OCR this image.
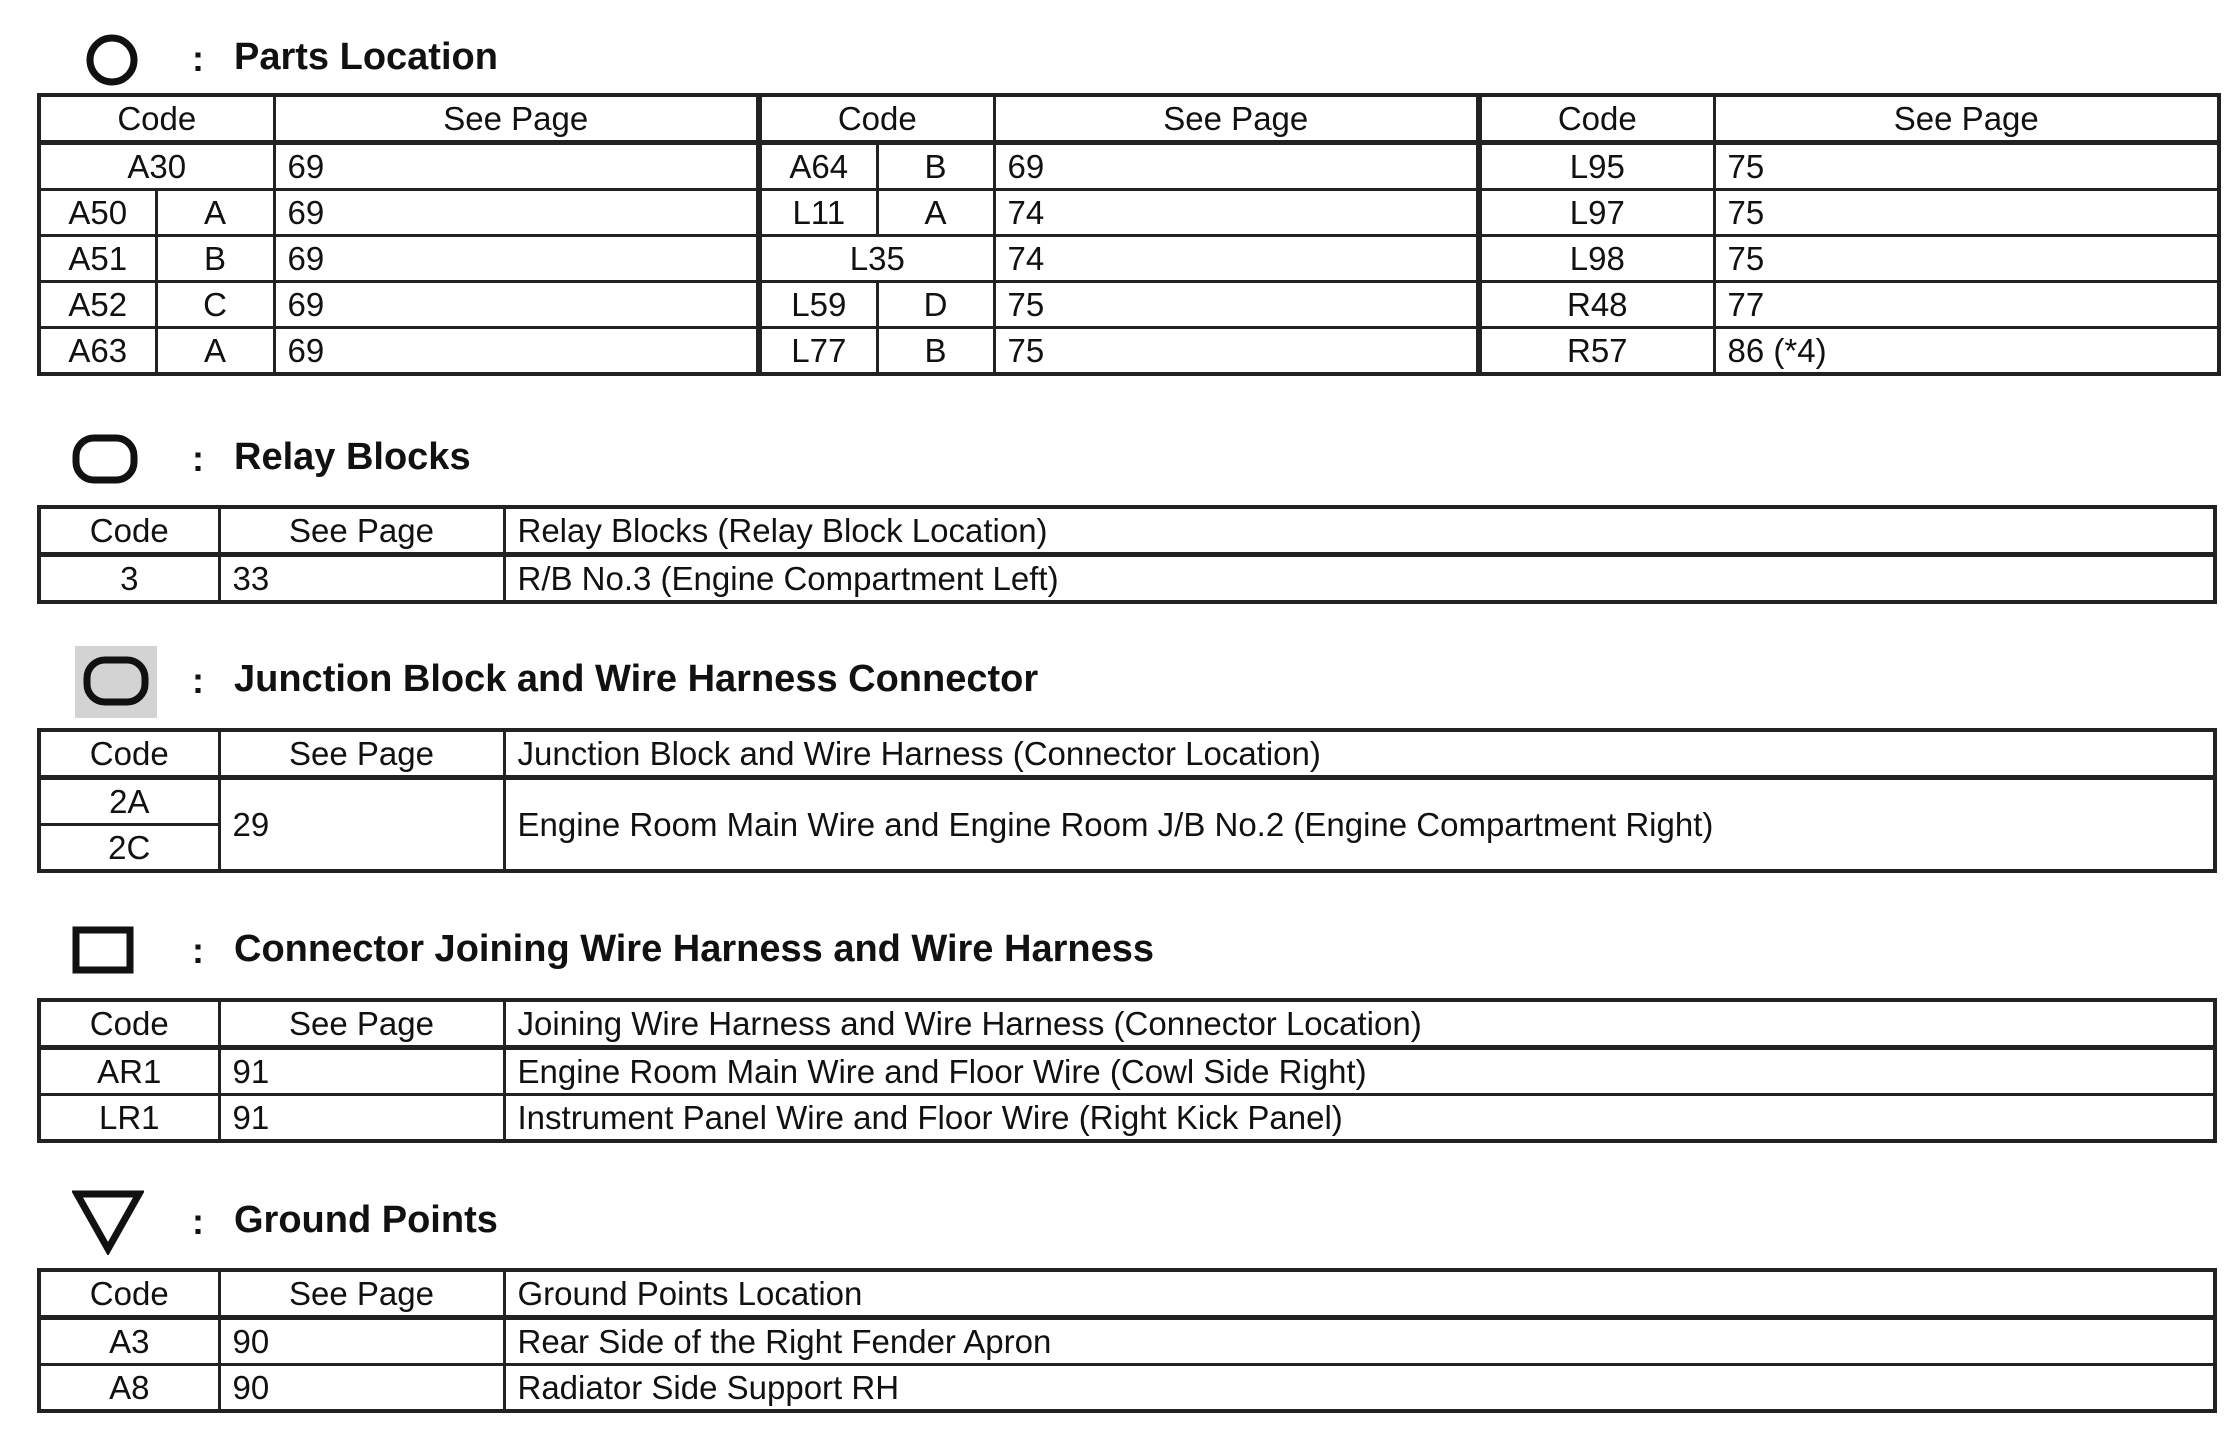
: Parts Location
Code		See Page	Code		See Page	Code	See Page
A30		69	A64	B	69	L95	75
A50	A	69	L11	A	74	L97	75
A51	B	69	L35		74	L98	75
A52	C	69	L59	D	75	R48	77
A63	A	69	L77	B	75	R57	86 (*4)
: Relay Blocks
Code	See Page	Relay Blocks (Relay Block Location)
3	33	R/B No.3 (Engine Compartment Left)
: Junction Block and Wire Harness Connector
Code	See Page	Junction Block and Wire Harness (Connector Location)
2A	29	Engine Room Main Wire and Engine Room J/B No.2 (Engine Compartment Right)
2C		
: Connector Joining Wire Harness and Wire Harness
Code	See Page	Joining Wire Harness and Wire Harness (Connector Location)
AR1	91	Engine Room Main Wire and Floor Wire (Cowl Side Right)
LR1	91	Instrument Panel Wire and Floor Wire (Right Kick Panel)
: Ground Points
Code	See Page	Ground Points Location
A3	90	Rear Side of the Right Fender Apron
A8	90	Radiator Side Support RH
